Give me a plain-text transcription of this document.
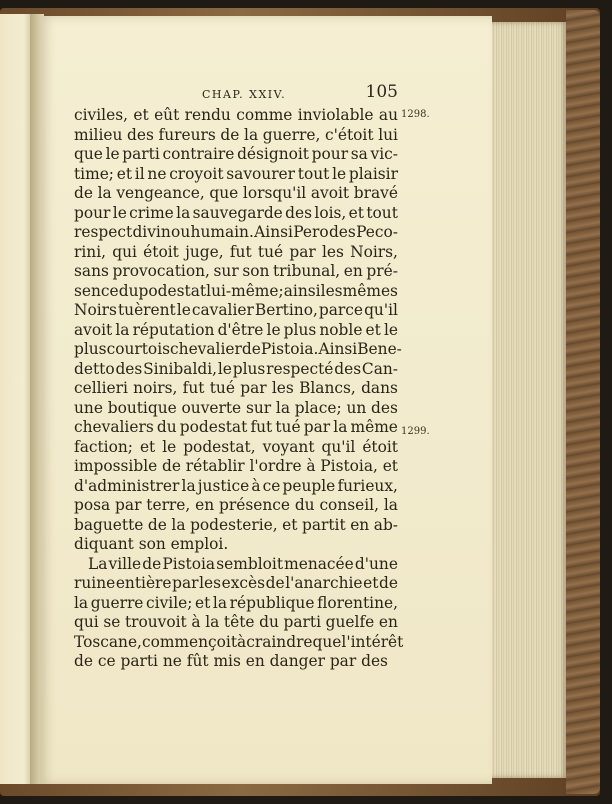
CHAP. XXIV.	105
1298.
1299.
civiles, et eût rendu comme inviolable au
milieu des fureurs de la guerre, c'étoit lui
que le parti contraire désignoit pour sa vic-
time; et il ne croyoit savourer tout le plaisir
de la vengeance, que lorsqu'il avoit bravé
pour le crime la sauvegarde des lois, et tout
respect divin ou humain. Ainsi Pero des Peco-
rini, qui étoit juge, fut tué par les Noirs,
sans provocation, sur son tribunal, en pré-
sence du podestat lui-même; ainsi les mêmes
Noirs tuèrent le cavalier Bertino, parce qu'il
avoit la réputation d'être le plus noble et le
plus courtois chevalier de Pistoia. Ainsi Bene-
detto des Sinibaldi, le plus respecté des Can-
cellieri noirs, fut tué par les Blancs, dans
une boutique ouverte sur la place; un des
chevaliers du podestat fut tué par la même
faction; et le podestat, voyant qu'il étoit
impossible de rétablir l'ordre à Pistoia, et
d'administrer la justice à ce peuple furieux,
posa par terre, en présence du conseil, la
baguette de la podesterie, et partit en ab-
diquant son emploi.
La ville de Pistoia sembloit menacée d'une
ruine entière par les excès de l'anarchie et de
la guerre civile; et la république florentine,
qui se trouvoit à la tête du parti guelfe en
Toscane, commençoit à craindre que l'intérêt
de ce parti ne fût mis en danger par des
